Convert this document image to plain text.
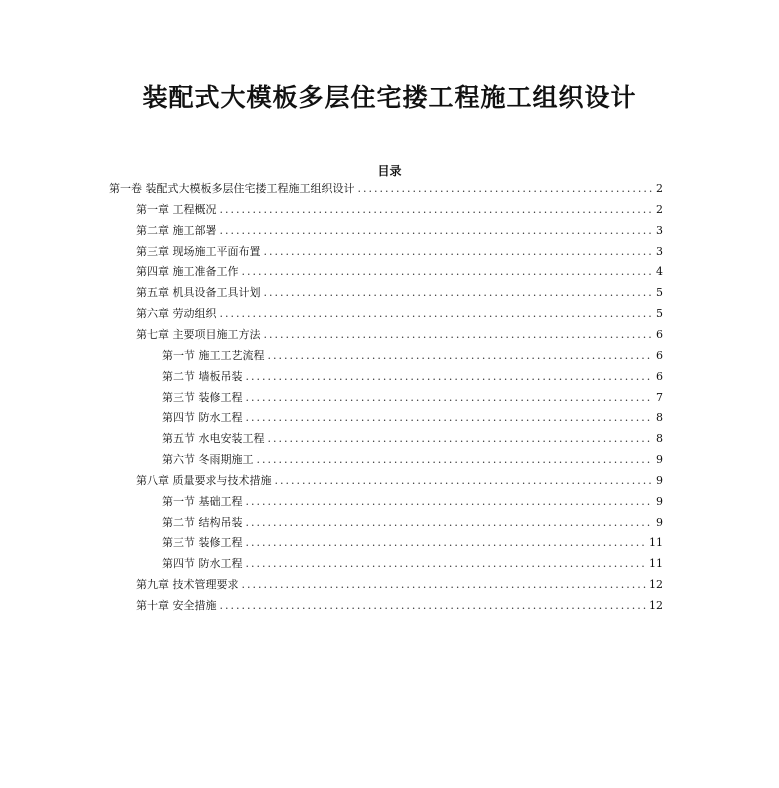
装配式大模板多层住宅搂工程施工组织设计
目录
第一卷 装配式大模板多层住宅搂工程施工组织设计 .....	2
第一章 工程概况 .....	2
第二章 施工部署 .....	3
第三章 现场施工平面布置 .....	3
第四章 施工准备工作 .....	4
第五章 机具设备工具计划 .....	5
第六章 劳动组织 .....	5
第七章 主要项目施工方法 .....	6
第一节 施工工艺流程 .....	6
第二节 墙板吊装 .....	6
第三节 装修工程 .....	7
第四节 防水工程 .....	8
第五节 水电安装工程 .....	8
第六节 冬雨期施工 .....	9
第八章 质量要求与技术措施 .....	9
第一节 基础工程 .....	9
第二节 结构吊装 .....	9
第三节 装修工程 .....	11
第四节 防水工程 .....	11
第九章 技术管理要求 .....	12
第十章 安全措施 .....	12
